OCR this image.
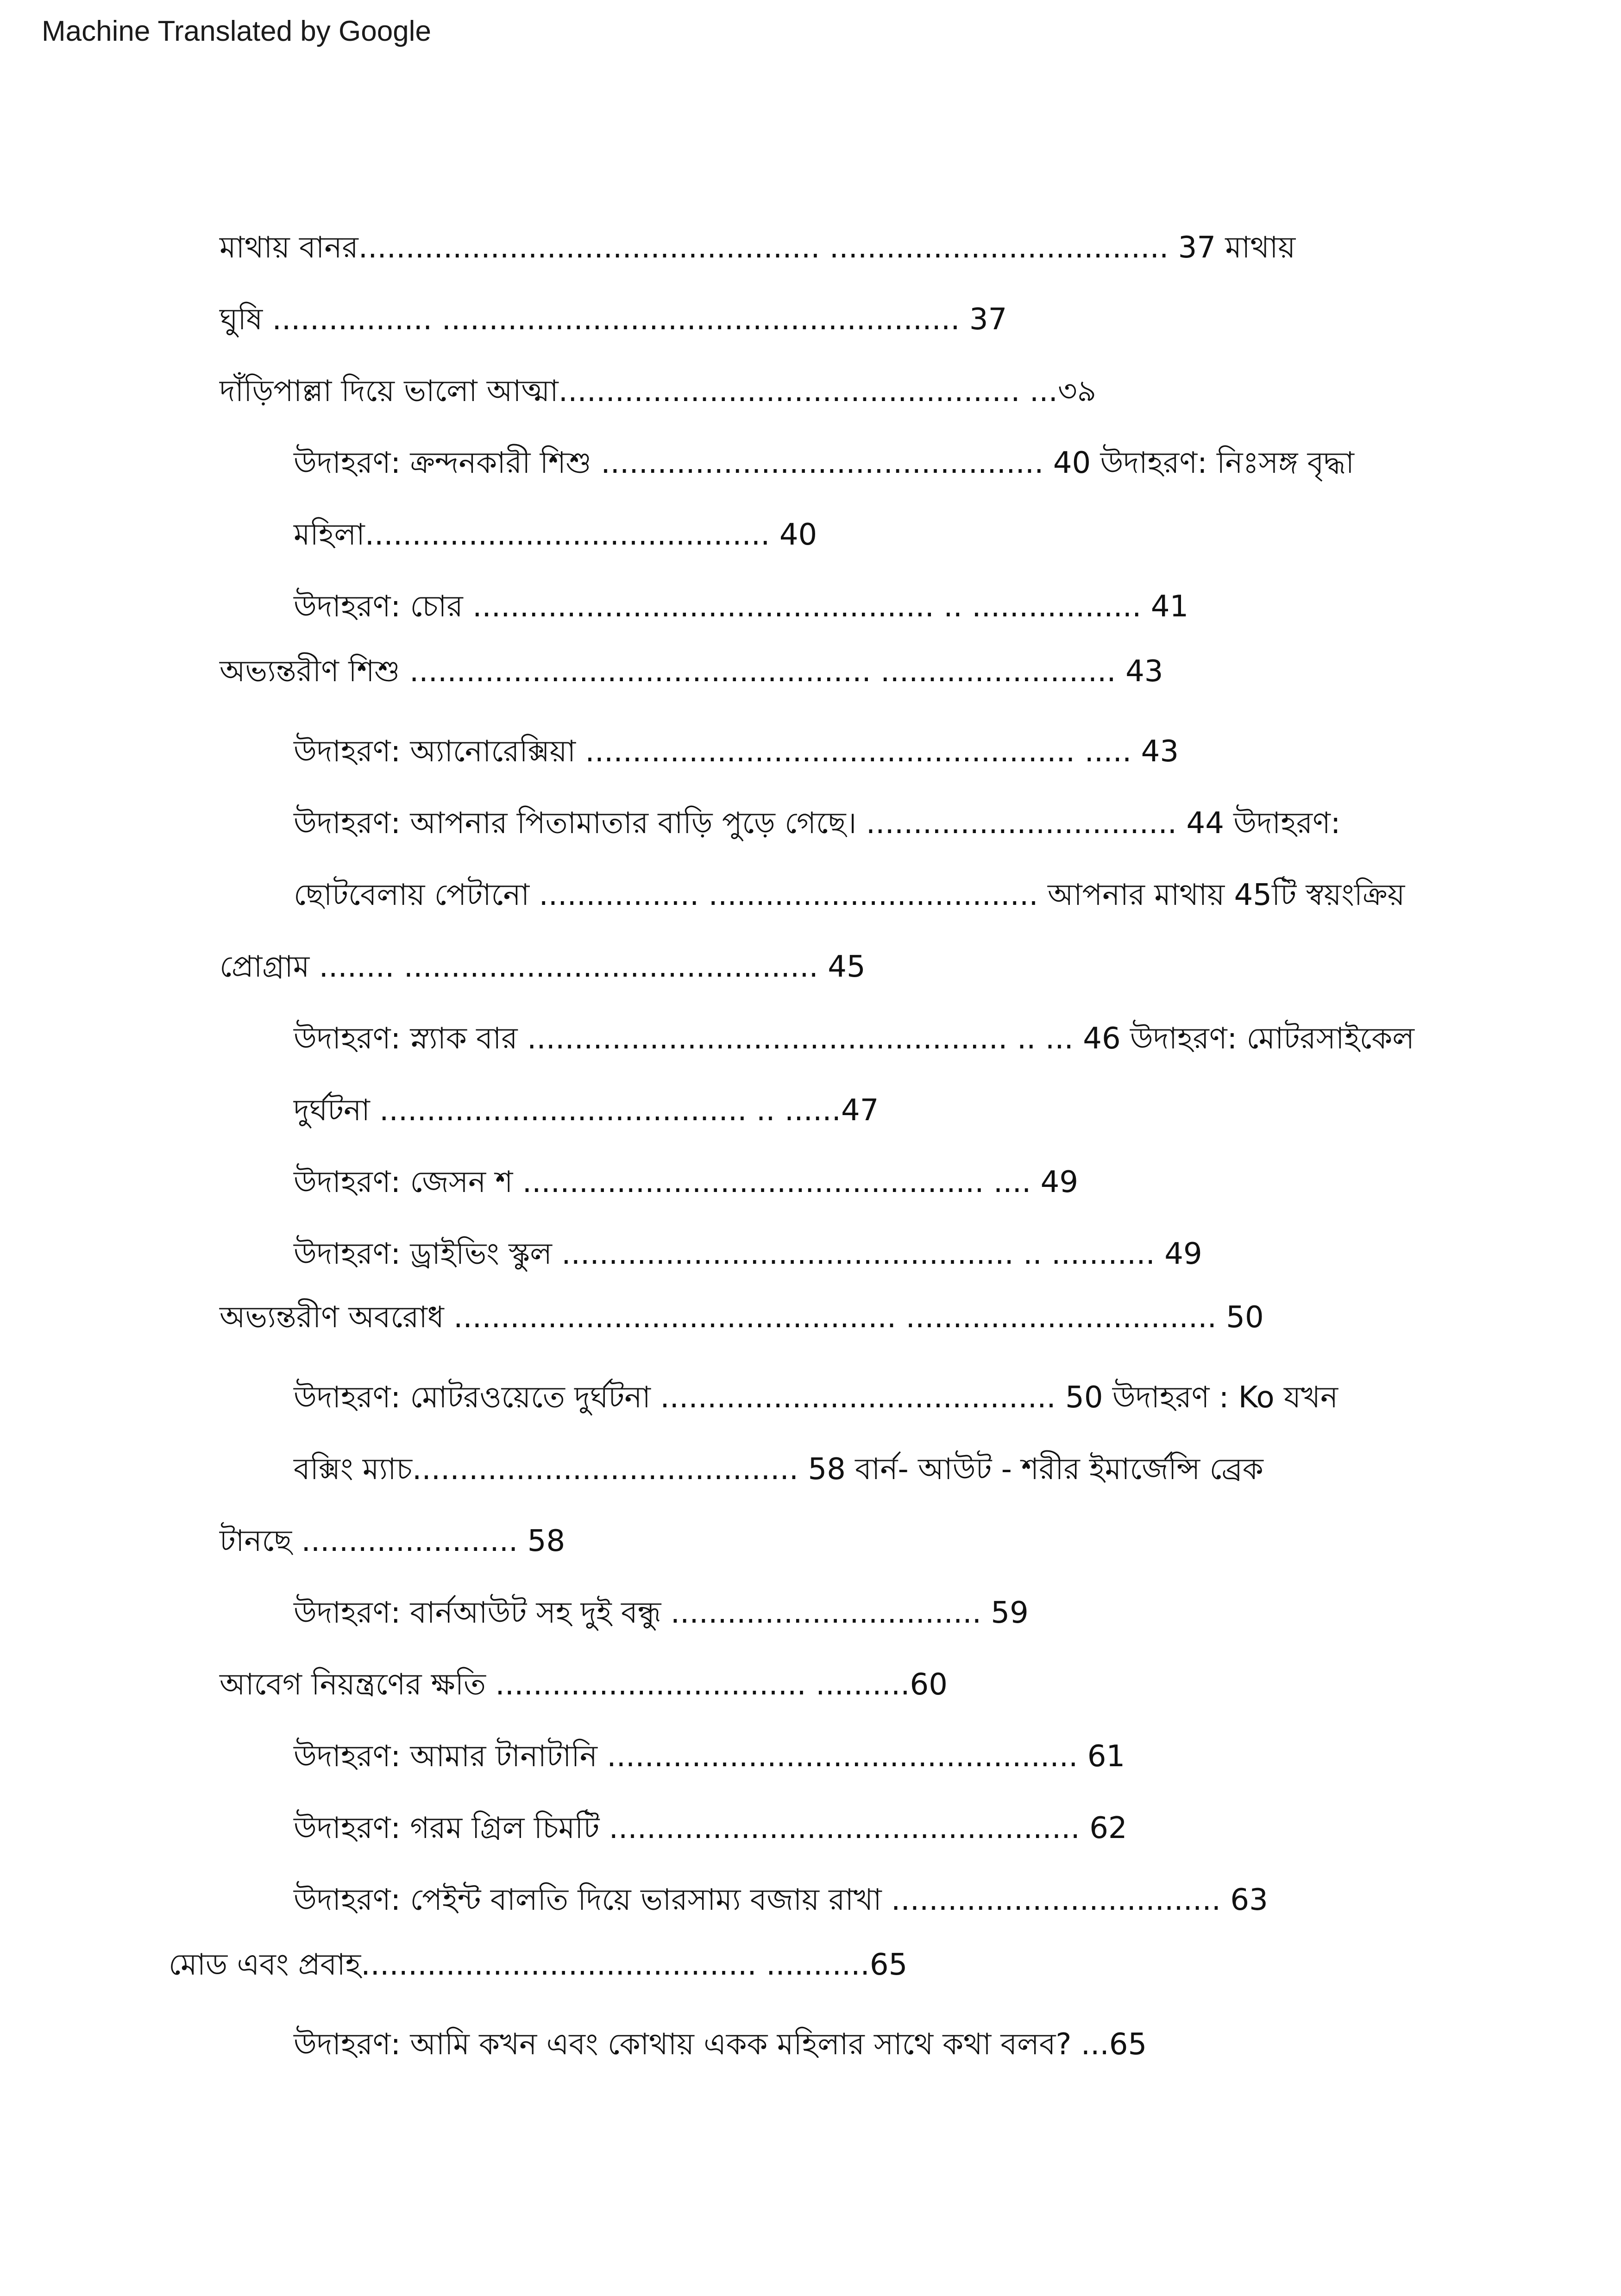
Machine Translated by Google
মাথায় বানর................................................. .................................... 37 মাথায়
ঘুষি ................. ....................................................... 37
দাঁড়িপাল্লা দিয়ে ভালো আত্মা................................................. ...৩৯
উদাহরণ: ক্রন্দনকারী শিশু ............................................... 40 উদাহরণ: নিঃসঙ্গ বৃদ্ধা
মহিলা........................................... 40
উদাহরণ: চোর ................................................. .. .................. 41
অভ্যন্তরীণ শিশু ................................................. ......................... 43
উদাহরণ: অ্যানোরেক্সিয়া .................................................... ..... 43
উদাহরণ: আপনার পিতামাতার বাড়ি পুড়ে গেছে। ................................. 44 উদাহরণ:
ছোটবেলায় পেটানো ................. ................................... আপনার মাথায় 45টি স্বয়ংক্রিয়
প্রোগ্রাম ........ ............................................ 45
উদাহরণ: স্ন্যাক বার ................................................... .. ... 46 উদাহরণ: মোটরসাইকেল
দুর্ঘটনা ....................................... .. ......47
উদাহরণ: জেসন শ ................................................. .... 49
উদাহরণ: ড্রাইভিং স্কুল ................................................ .. ........... 49
অভ্যন্তরীণ অবরোধ ............................................... ................................. 50
উদাহরণ: মোটরওয়েতে দুর্ঘটনা .......................................... 50 উদাহরণ : Ko যখন
বক্সিং ম্যাচ......................................... 58 বার্ন- আউট - শরীর ইমার্জেন্সি ব্রেক
টানছে ....................... 58
উদাহরণ: বার্নআউট সহ দুই বন্ধু ................................. 59
আবেগ নিয়ন্ত্রণের ক্ষতি ................................. ..........60
উদাহরণ: আমার টানাটানি .................................................. 61
উদাহরণ: গরম গ্রিল চিমটি .................................................. 62
উদাহরণ: পেইন্ট বালতি দিয়ে ভারসাম্য বজায় রাখা ................................... 63
মোড এবং প্রবাহ.......................................... ...........65
উদাহরণ: আমি কখন এবং কোথায় একক মহিলার সাথে কথা বলব? ...65
